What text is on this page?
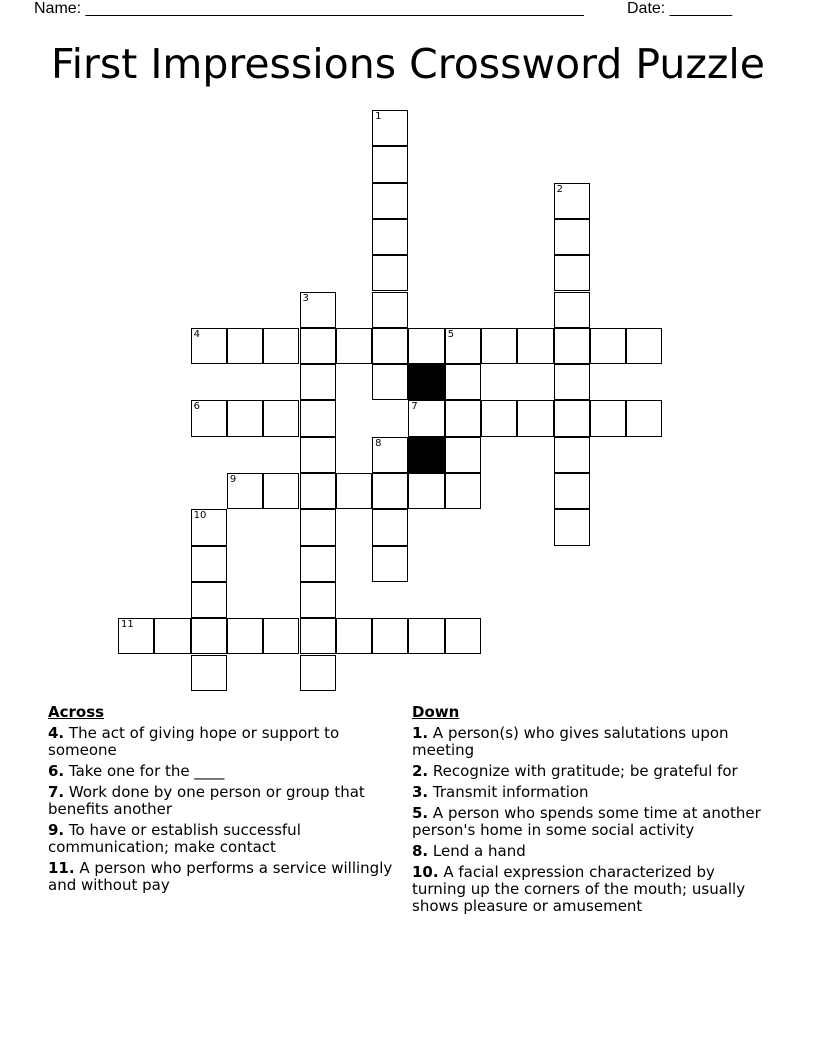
Name: ________________________________________________________	Date: _______
First Impressions Crossword Puzzle
1
2
3
4	5
6	7
8
9
10
11
Across
4. The act of giving hope or support to someone
6. Take one for the ____
7. Work done by one person or group that benefits another
9. To have or establish successful communication; make contact
11. A person who performs a service willingly and without pay
Down
1. A person(s) who gives salutations upon meeting
2. Recognize with gratitude; be grateful for
3. Transmit information
5. A person who spends some time at another person's home in some social activity
8. Lend a hand
10. A facial expression characterized by turning up the corners of the mouth; usually shows pleasure or amusement
